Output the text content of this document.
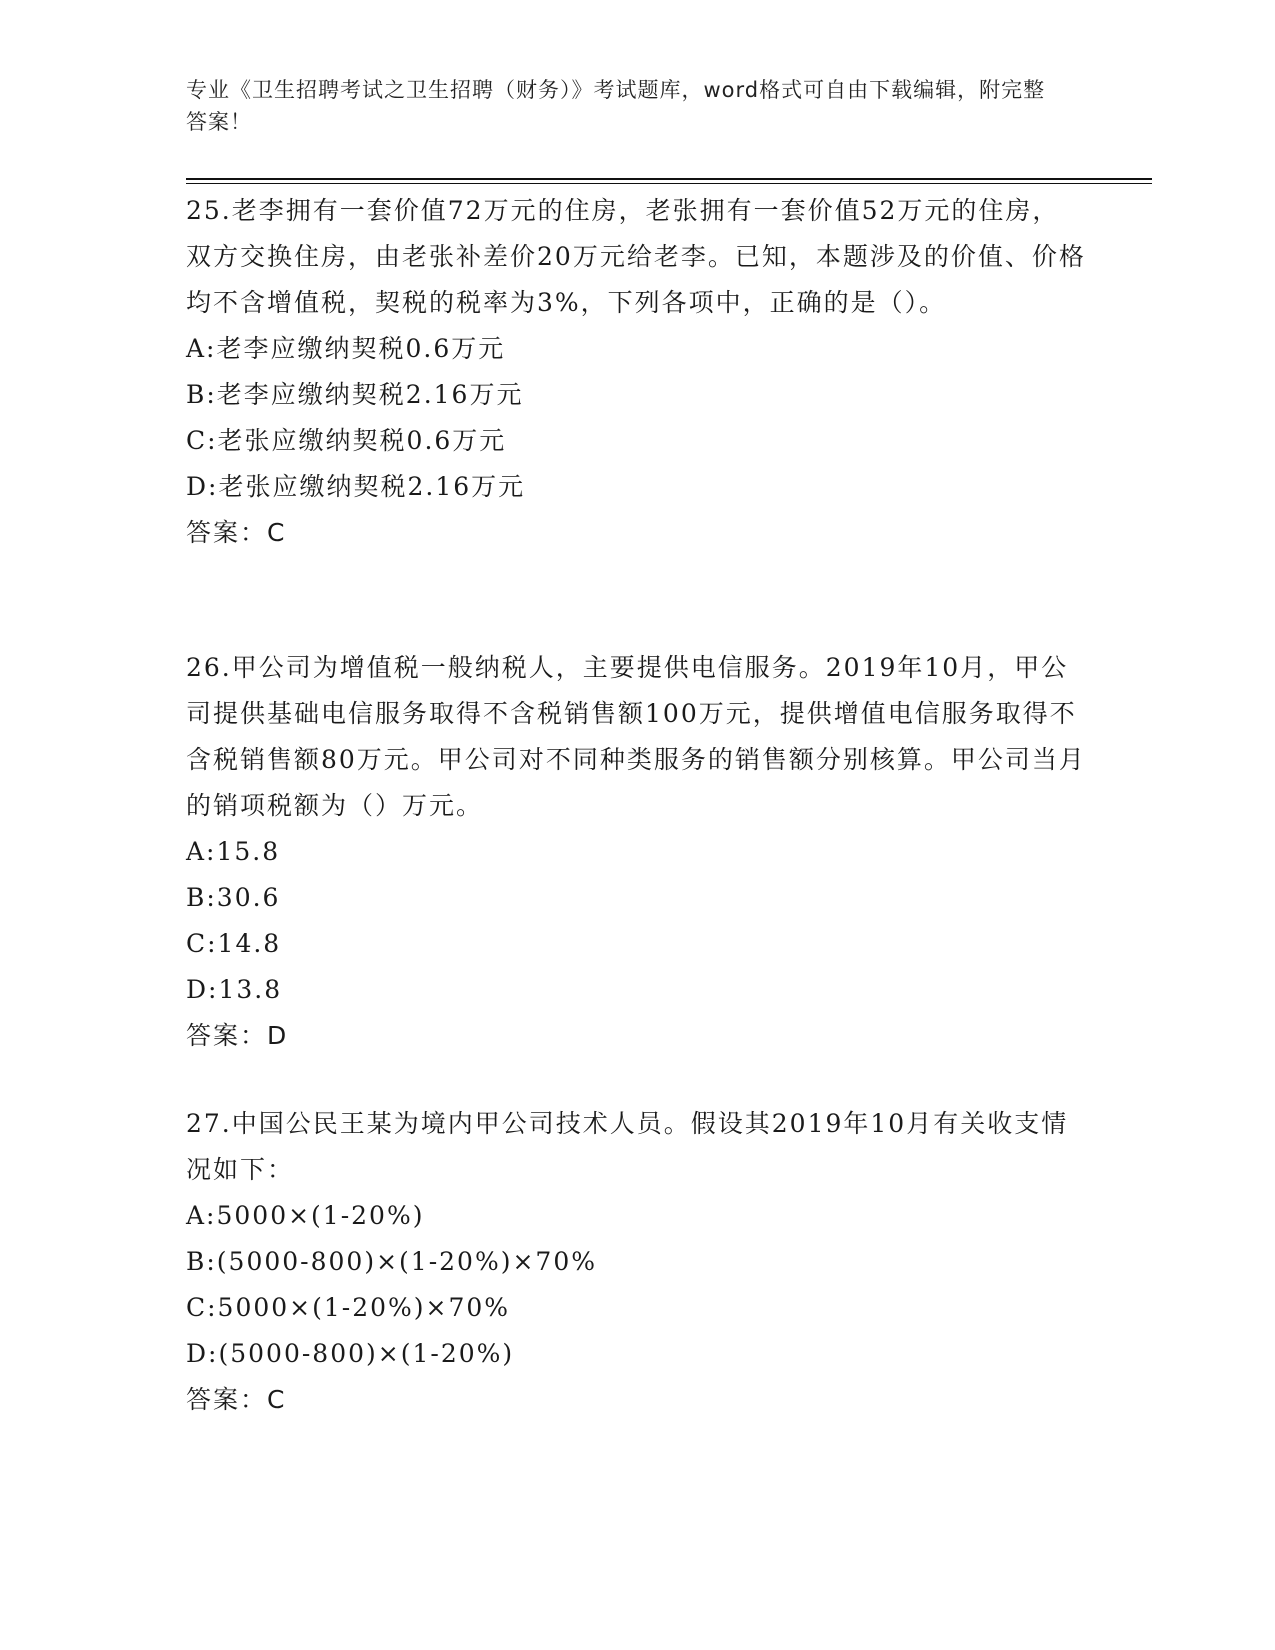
专业《卫生招聘考试之卫生招聘（财务）》考试题库，word格式可自由下载编辑，附完整答案！

25.老李拥有一套价值72万元的住房，老张拥有一套价值52万元的住房，双方交换住房，由老张补差价20万元给老李。已知，本题涉及的价值、价格均不含增值税，契税的税率为3%，下列各项中，正确的是（）。

A:老李应缴纳契税0.6万元

B:老李应缴纳契税2.16万元

C:老张应缴纳契税0.6万元

D:老张应缴纳契税2.16万元

答案：C

26.甲公司为增值税一般纳税人，主要提供电信服务。2019年10月，甲公司提供基础电信服务取得不含税销售额100万元，提供增值电信服务取得不含税销售额80万元。甲公司对不同种类服务的销售额分别核算。甲公司当月的销项税额为（）万元。

A:15.8

B:30.6

C:14.8

D:13.8

答案：D

27.中国公民王某为境内甲公司技术人员。假设其2019年10月有关收支情况如下：

A:5000×(1-20%)

B:(5000-800)×(1-20%)×70%

C:5000×(1-20%)×70%

D:(5000-800)×(1-20%)

答案：C
